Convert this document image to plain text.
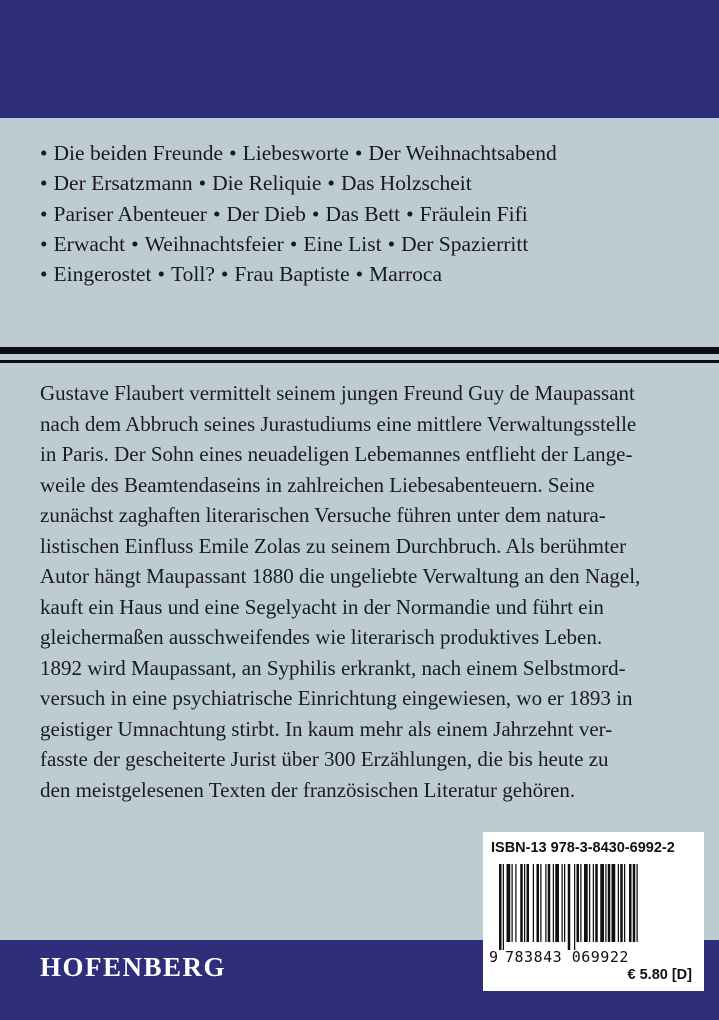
• Die beiden Freunde • Liebesworte • Der Weihnachtsabend
• Der Ersatzmann • Die Reliquie • Das Holzscheit
• Pariser Abenteuer • Der Dieb • Das Bett • Fräulein Fifi
• Erwacht • Weihnachtsfeier • Eine List • Der Spazierritt
• Eingerostet • Toll? • Frau Baptiste • Marroca
Gustave Flaubert vermittelt seinem jungen Freund Guy de Maupassant
nach dem Abbruch seines Jurastudiums eine mittlere Verwaltungsstelle
in Paris. Der Sohn eines neuadeligen Lebemannes entflieht der Lange-
weile des Beamtendaseins in zahlreichen Liebesabenteuern. Seine
zunächst zaghaften literarischen Versuche führen unter dem natura-
listischen Einfluss Emile Zolas zu seinem Durchbruch. Als berühmter
Autor hängt Maupassant 1880 die ungeliebte Verwaltung an den Nagel,
kauft ein Haus und eine Segelyacht in der Normandie und führt ein
gleichermaßen ausschweifendes wie literarisch produktives Leben.
1892 wird Maupassant, an Syphilis erkrankt, nach einem Selbstmord-
versuch in eine psychiatrische Einrichtung eingewiesen, wo er 1893 in
geistiger Umnachtung stirbt. In kaum mehr als einem Jahrzehnt ver-
fasste der gescheiterte Jurist über 300 Erzählungen, die bis heute zu
den meistgelesenen Texten der französischen Literatur gehören.
HOFENBERG
ISBN-13 978-3-8430-6992-2
9 783843 069922
€ 5.80 [D]
